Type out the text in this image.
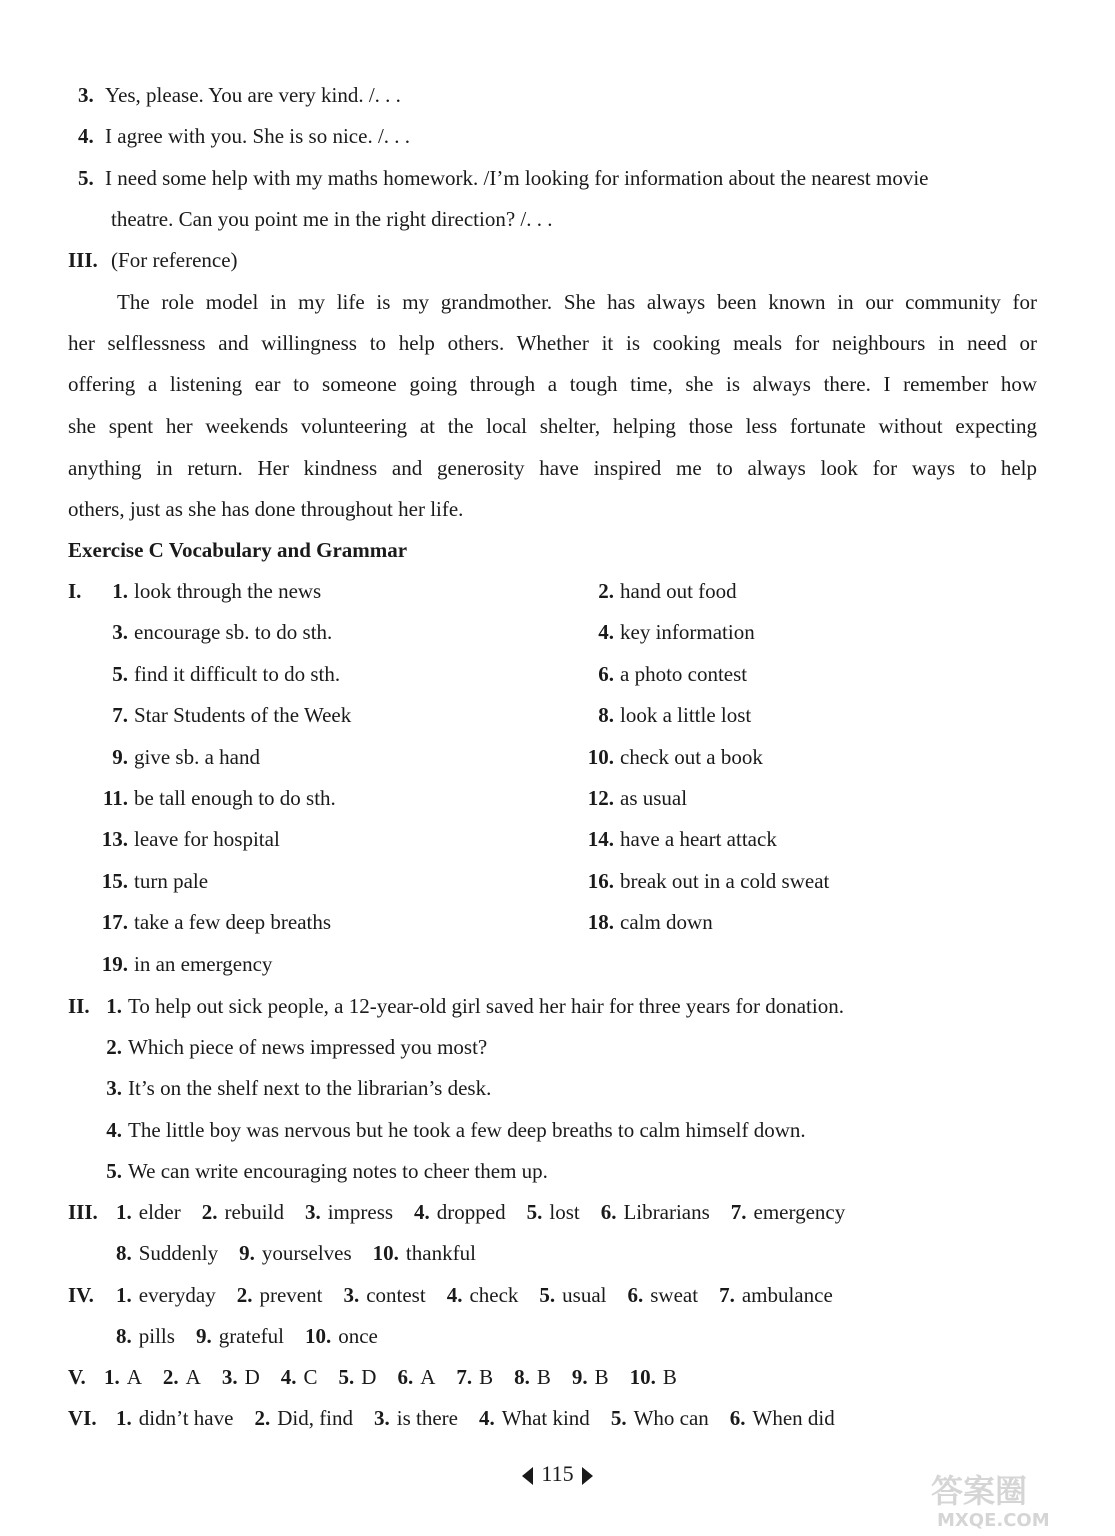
3. Yes, please. You are very kind. /. . .
4. I agree with you. She is so nice. /. . .
5. I need some help with my maths homework. /I’m looking for information about the nearest movie
theatre. Can you point me in the right direction? /. . .
III. (For reference)
The role model in my life is my grandmother. She has always been known in our community for
her selflessness and willingness to help others. Whether it is cooking meals for neighbours in need or
offering a listening ear to someone going through a tough time, she is always there. I remember how
she spent her weekends volunteering at the local shelter, helping those less fortunate without expecting
anything in return. Her kindness and generosity have inspired me to always look for ways to help
others, just as she has done throughout her life.
Exercise C Vocabulary and Grammar
I.	1. look through the news	2. hand out food
3. encourage sb. to do sth.	4. key information
5. find it difficult to do sth.	6. a photo contest
7. Star Students of the Week	8. look a little lost
9. give sb. a hand	10. check out a book
11. be tall enough to do sth.	12. as usual
13. leave for hospital	14. have a heart attack
15. turn pale	16. break out in a cold sweat
17. take a few deep breaths	18. calm down
19. in an emergency
II. 1. To help out sick people, a 12-year-old girl saved her hair for three years for donation.
2. Which piece of news impressed you most?
3. It’s on the shelf next to the librarian’s desk.
4. The little boy was nervous but he took a few deep breaths to calm himself down.
5. We can write encouraging notes to cheer them up.
III. 1. elder 2. rebuild 3. impress 4. dropped 5. lost 6. Librarians 7. emergency
8. Suddenly 9. yourselves 10. thankful
IV. 1. everyday 2. prevent 3. contest 4. check 5. usual 6. sweat 7. ambulance
8. pills 9. grateful 10. once
V. 1. A 2. A 3. D 4. C 5. D 6. A 7. B 8. B 9. B 10. B
VI. 1. didn’t have 2. Did, find 3. is there 4. What kind 5. Who can 6. When did
115	答案圈
MXQE.COM
